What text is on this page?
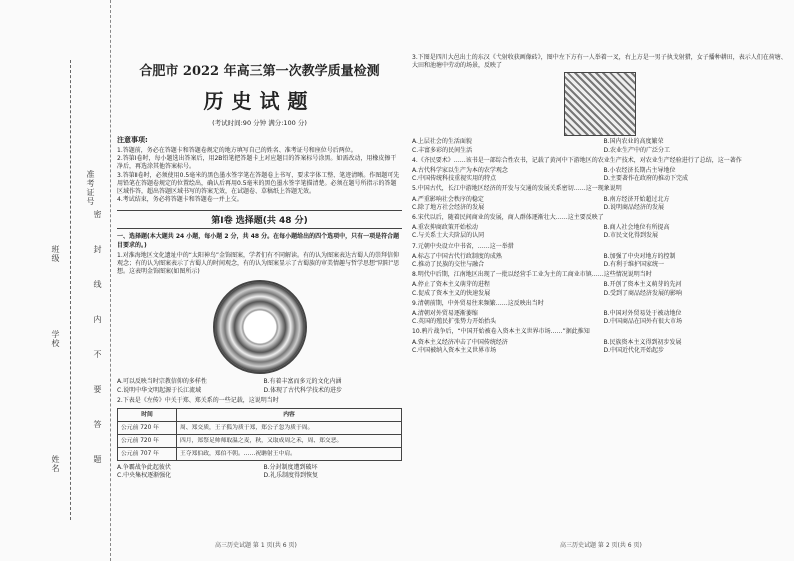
准考证号
学校
班级
姓名
密
封
线
内
不
要
答
题
合肥市 2022 年高三第一次教学质量检测
历史试题
(考试时间:90 分钟 满分:100 分)
注意事项:
1.答题前，务必在答题卡和答题卷规定的地方填写自己的姓名、准考证号和座位号后两位。
2.答第Ⅰ卷时，每小题选出答案后，用2B铅笔把答题卡上对应题目的答案标号涂黑。如需改动，用橡皮擦干净后，再选涂其他答案标号。
3.答第Ⅱ卷时，必须使用0.5毫米的黑色墨水签字笔在答题卷上书写，要求字体工整、笔迹清晰。作图题可先用铅笔在答题卷规定的位置绘出，确认后再用0.5毫米的黑色墨水签字笔描清楚。必须在题号所指示的答题区域作答，超出答题区域书写的答案无效，在试题卷、草稿纸上答题无效。
4.考试结束，务必将答题卡和答题卷一并上交。
第Ⅰ卷 选择题(共 48 分)
一、选择题(本大题共 24 小题，每小题 2 分，共 48 分。在每小题给出的四个选项中，只有一项是符合题目要求的。)
1.对淮海地区文化遗址中的“太阳神鸟”金饰图案，学者们有不同解读。有的认为图案表达古蜀人的崇拜信仰观念；有的认为图案表示了古蜀人的时间观念，有的认为图案显示了古蜀族的审美情趣与哲学思想“阴阳”思想。这表明金饰图案(如图所示)
A.可以反映当时宗教信仰的多样性	B.有着丰富而多元的文化内涵
C.说明中华文明起源于长江流域	D.体现了古代科学技术的进步
2.下表是《左传》中关于郑、郑关系的一些记载，这说明当时
时间	内容
公元前 720 年	周、郑交质，王子狐为质于郑，郑公子忽为质于周。
公元前 720 年	四月，郑祭足帅师取温之麦，秋，又取成周之禾，周、郑交恶。
公元前 707 年	王夺郑伯政，郑伯不朝。……祝聃射王中肩。
A.争霸战争此起彼伏	B.分封制度遭到破坏
C.中央集权逐渐强化	D.礼乐制度得到恢复
3.下图是四川大邑出土的东汉《弋射收获画像砖》，图中左下方有一人举着一叉，右上方是一男子执戈射猎，女子播种耕田，表示人们在荷塘、大田和池塘中劳动的场景，反映了
A.上层社会的生活面貌	B.国内农业的高度繁荣
C.丰富多彩的民间生活	D.农业生产中的广泛分工
4.《齐民要术》……该书是一部综合性农书，记载了黄河中下游地区的农业生产技术，对农业生产经验进行了总结，这一著作
A.古代科学家以生产为本的农学观念	B.小农经济长期占主导地位
C.中国传统科技重视实用的特点	D.主要著作在政府的推动下完成
5.中国古代，长江中游地区经济的开发与交通的发展关系密切……这一现象说明
A.严重影响社会秩序的稳定	B.南方经济开始超过北方
C.除了地方社会经济的发展	D.说明商品经济的发展
6.宋代以后，随着民间商业的发展，商人群体逐渐壮大……这主要反映了
A.重农抑商政策开始松动	B.商人社会地位有所提高
C.与关系士大夫阶层的认同	D.市民文化得到发展
7.元朝中央设立中书省，……这一举措
A.标志了中国古代行政制度的成熟	B.加强了中央对地方的控制
C.推动了民族的交往与融合	D.有利于维护国家统一
8.明代中后期，江南地区出现了一批以经营手工业为主的工商业市镇……这些情况说明当时
A.停止了资本主义萌芽的进程	B.开创了资本主义萌芽的先河
C.促成了资本主义的快速发展	D.受到了商品经济发展的影响
9.清朝前期，中外贸易往来频繁……这反映出当时
A.清朝对外贸易逐渐萎缩	B.中国对外贸易处于被动地位
C.英国的殖民扩张势力开始抬头	D.中国商品在国外有很大市场
10.鸦片战争后，“中国开始被卷入资本主义世界市场……”据此推知
A.资本主义经济冲击了中国传统经济	B.民族资本主义得到初步发展
C.中国被纳入资本主义世界市场	D.中国近代化开始起步
高三历史试题 第 1 页(共 6 页)	高三历史试题 第 2 页(共 6 页)
